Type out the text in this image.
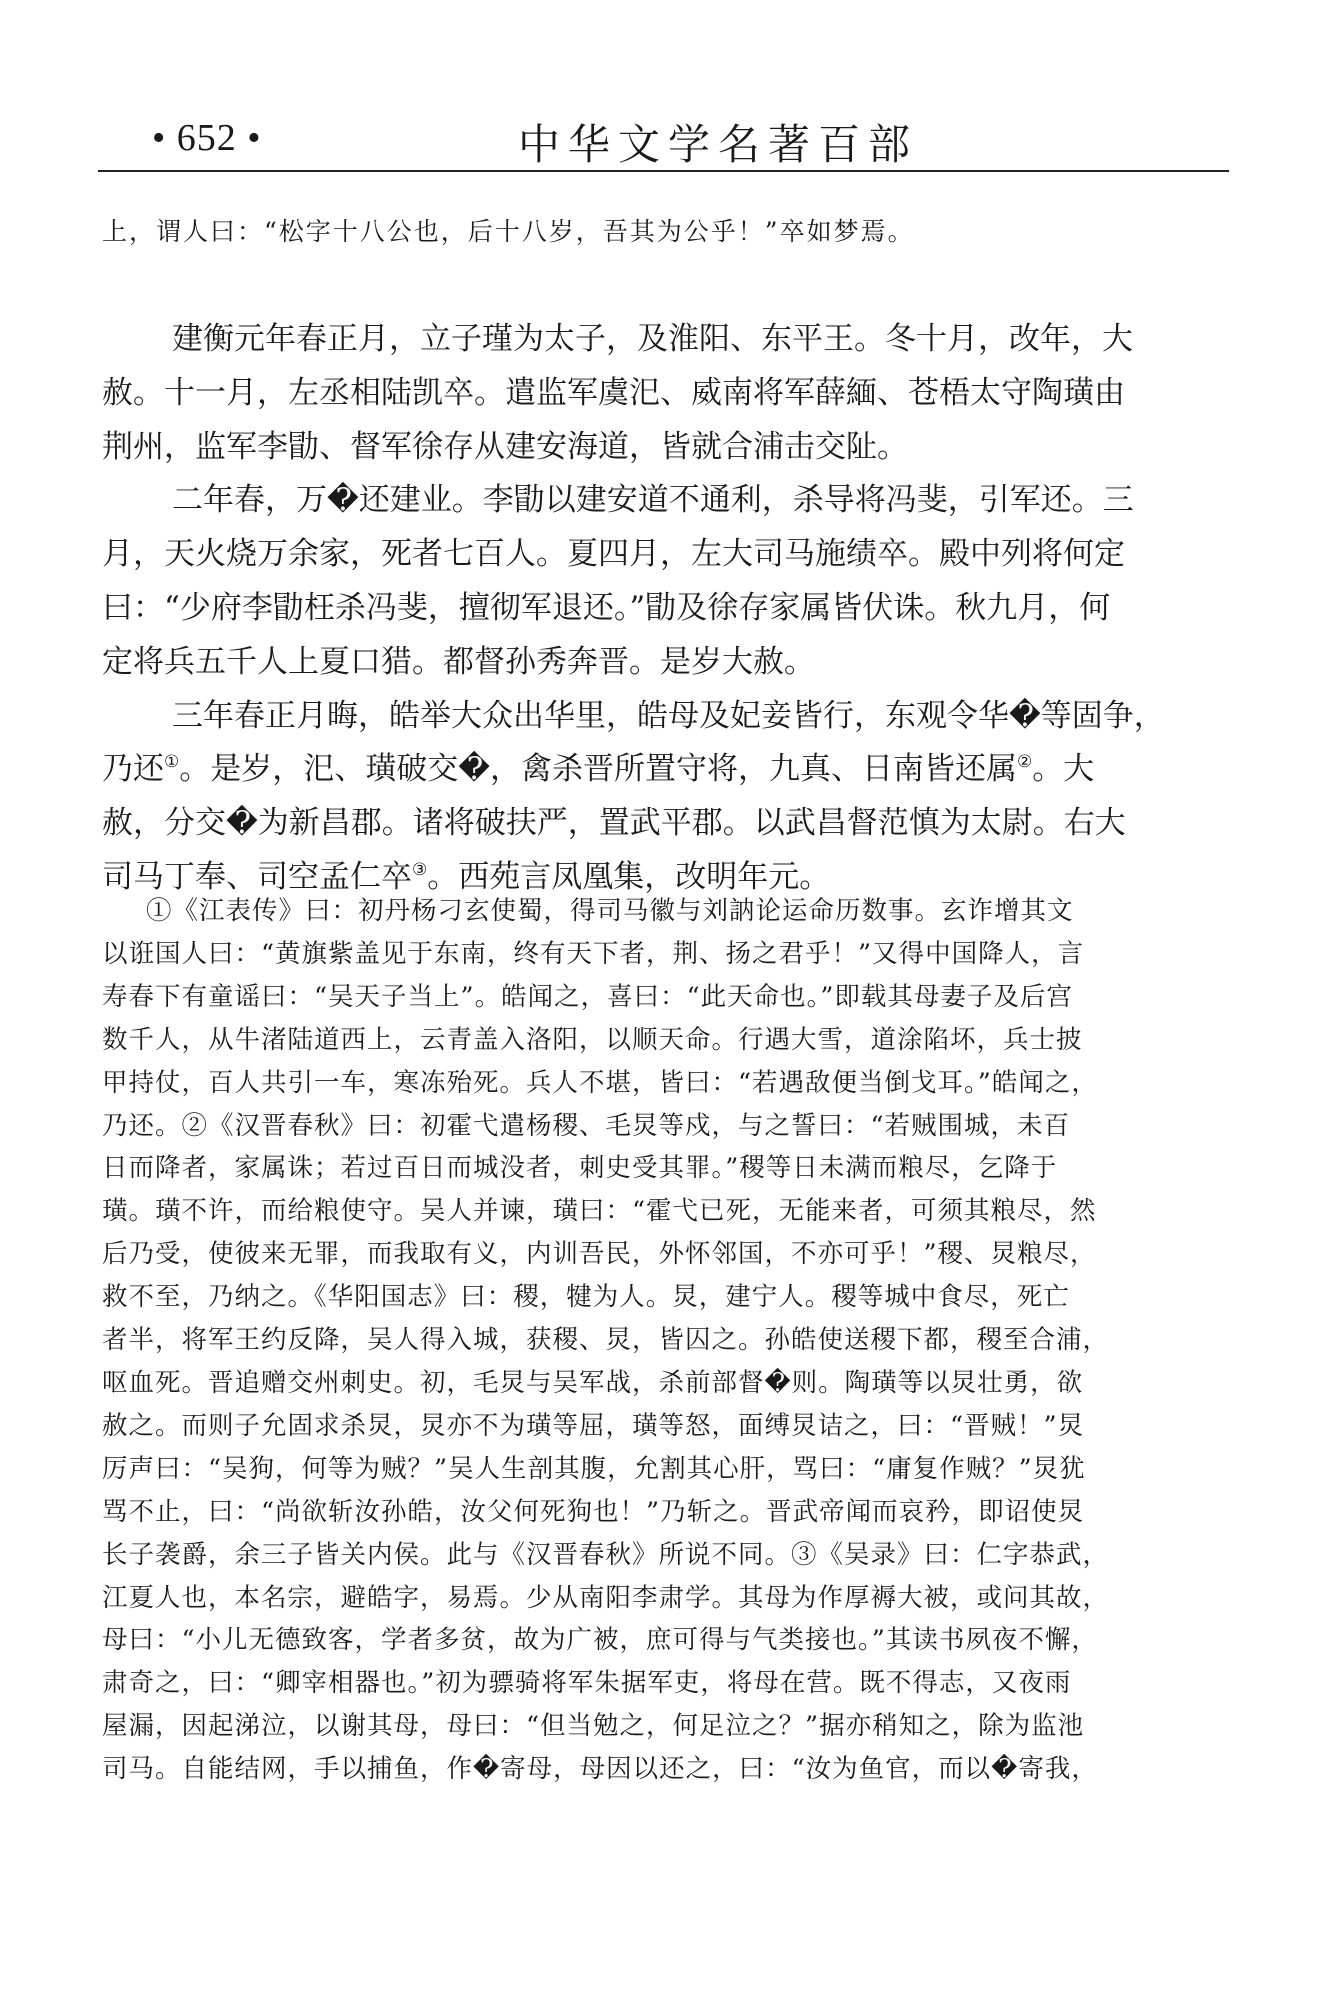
• 652 •	中华文学名著百部
上，谓人曰：“松字十八公也，后十八岁，吾其为公乎！”卒如梦焉。

建衡元年春正月，立子瑾为太子，及淮阳、东平王。冬十月，改年，大
赦。十一月，左丞相陆凯卒。遣监军虞汜、威南将军薛緬、苍梧太守陶璜由
荆州，监军李勖、督军徐存从建安海道，皆就合浦击交阯。

二年春，万�还建业。李勖以建安道不通利，杀导将冯斐，引军还。三
月，天火烧万余家，死者七百人。夏四月，左大司马施绩卒。殿中列将何定
曰：“少府李勖枉杀冯斐，擅彻军退还。”勖及徐存家属皆伏诛。秋九月，何
定将兵五千人上夏口猎。都督孙秀奔晋。是岁大赦。

三年春正月晦，皓举大众出华里，皓母及妃妾皆行，东观令华�等固争，
乃还①。是岁，汜、璜破交�，禽杀晋所置守将，九真、日南皆还属②。大
赦，分交�为新昌郡。诸将破扶严，置武平郡。以武昌督范慎为太尉。右大
司马丁奉、司空孟仁卒③。西苑言凤凰集，改明年元。

①《江表传》曰：初丹杨刁玄使蜀，得司马徽与刘訥论运命历数事。玄诈增其文
以诳国人曰：“黄旗紫盖见于东南，终有天下者，荆、扬之君乎！”又得中国降人，言
寿春下有童谣曰：“吴天子当上”。皓闻之，喜曰：“此天命也。”即载其母妻子及后宫
数千人，从牛渚陆道西上，云青盖入洛阳，以顺天命。行遇大雪，道涂陷坏，兵士披
甲持仗，百人共引一车，寒冻殆死。兵人不堪，皆曰：“若遇敌便当倒戈耳。”皓闻之，
乃还。②《汉晋春秋》曰：初霍弋遣杨稷、毛炅等戍，与之誓曰：“若贼围城，未百
日而降者，家属诛；若过百日而城没者，刺史受其罪。”稷等日未满而粮尽，乞降于
璜。璜不许，而给粮使守。吴人并谏，璜曰：“霍弋已死，无能来者，可须其粮尽，然
后乃受，使彼来无罪，而我取有义，内训吾民，外怀邻国，不亦可乎！”稷、炅粮尽，
救不至，乃纳之。《华阳国志》曰：稷，犍为人。炅，建宁人。稷等城中食尽，死亡
者半，将军王约反降，吴人得入城，获稷、炅，皆囚之。孙皓使送稷下都，稷至合浦，
呕血死。晋追赠交州刺史。初，毛炅与吴军战，杀前部督�则。陶璜等以炅壮勇，欲
赦之。而则子允固求杀炅，炅亦不为璜等屈，璜等怒，面缚炅诘之，曰：“晋贼！”炅
厉声曰：“吴狗，何等为贼？”吴人生剖其腹，允割其心肝，骂曰：“庸复作贼？”炅犹
骂不止，曰：“尚欲斩汝孙皓，汝父何死狗也！”乃斩之。晋武帝闻而哀矜，即诏使炅
长子袭爵，余三子皆关内侯。此与《汉晋春秋》所说不同。③《吴录》曰：仁字恭武，
江夏人也，本名宗，避皓字，易焉。少从南阳李肃学。其母为作厚褥大被，或问其故，
母曰：“小儿无德致客，学者多贫，故为广被，庶可得与气类接也。”其读书夙夜不懈，
肃奇之，曰：“卿宰相器也。”初为骠骑将军朱据军吏，将母在营。既不得志，又夜雨
屋漏，因起涕泣，以谢其母，母曰：“但当勉之，何足泣之？”据亦稍知之，除为监池
司马。自能结网，手以捕鱼，作�寄母，母因以还之，曰：“汝为鱼官，而以�寄我，
